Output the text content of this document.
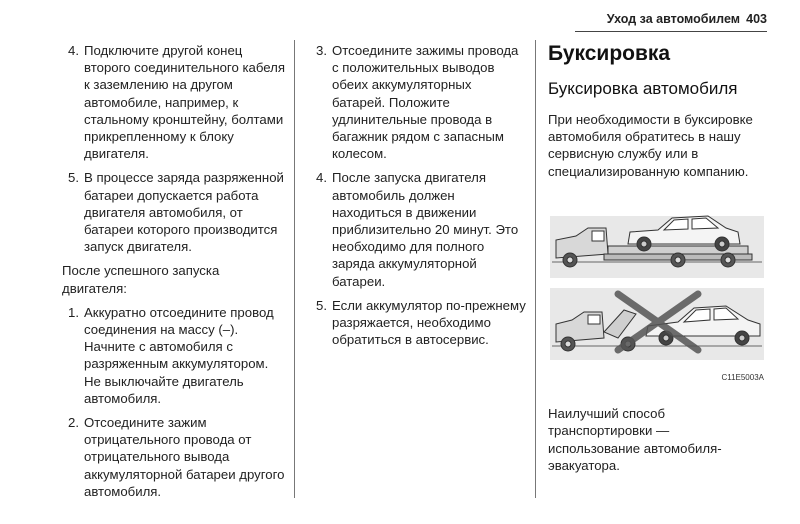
Уход за автомобилем 403
4. Подключите другой конец второго соединительного кабеля к заземлению на другом автомобиле, например, к стальному кронштейну, болтами прикрепленному к блоку двигателя.
5. В процессе заряда разряженной батареи допускается работа двигателя автомобиля, от батареи которого производится запуск двигателя.

После успешного запуска двигателя:

1. Аккуратно отсоедините провод соединения на массу (–). Начните с автомобиля с разряженным аккумулятором. Не выключайте двигатель автомобиля.
2. Отсоедините зажим отрицательного провода от отрицательного вывода аккумуляторной батареи другого автомобиля.
3. Отсоедините зажимы провода с положительных выводов обеих аккумуляторных батарей. Положите удлинительные провода в багажник рядом с запасным колесом.
4. После запуска двигателя автомобиль должен находиться в движении приблизительно 20 минут. Это необходимо для полного заряда аккумуляторной батареи.
5. Если аккумулятор по-прежнему разряжается, необходимо обратиться в автосервис.
Буксировка
Буксировка автомобиля

При необходимости в буксировке автомобиля обратитесь в нашу сервисную службу или в специализированную компанию.

C11E5003A

Наилучший способ транспортировки — использование автомобиля-эвакуатора.
